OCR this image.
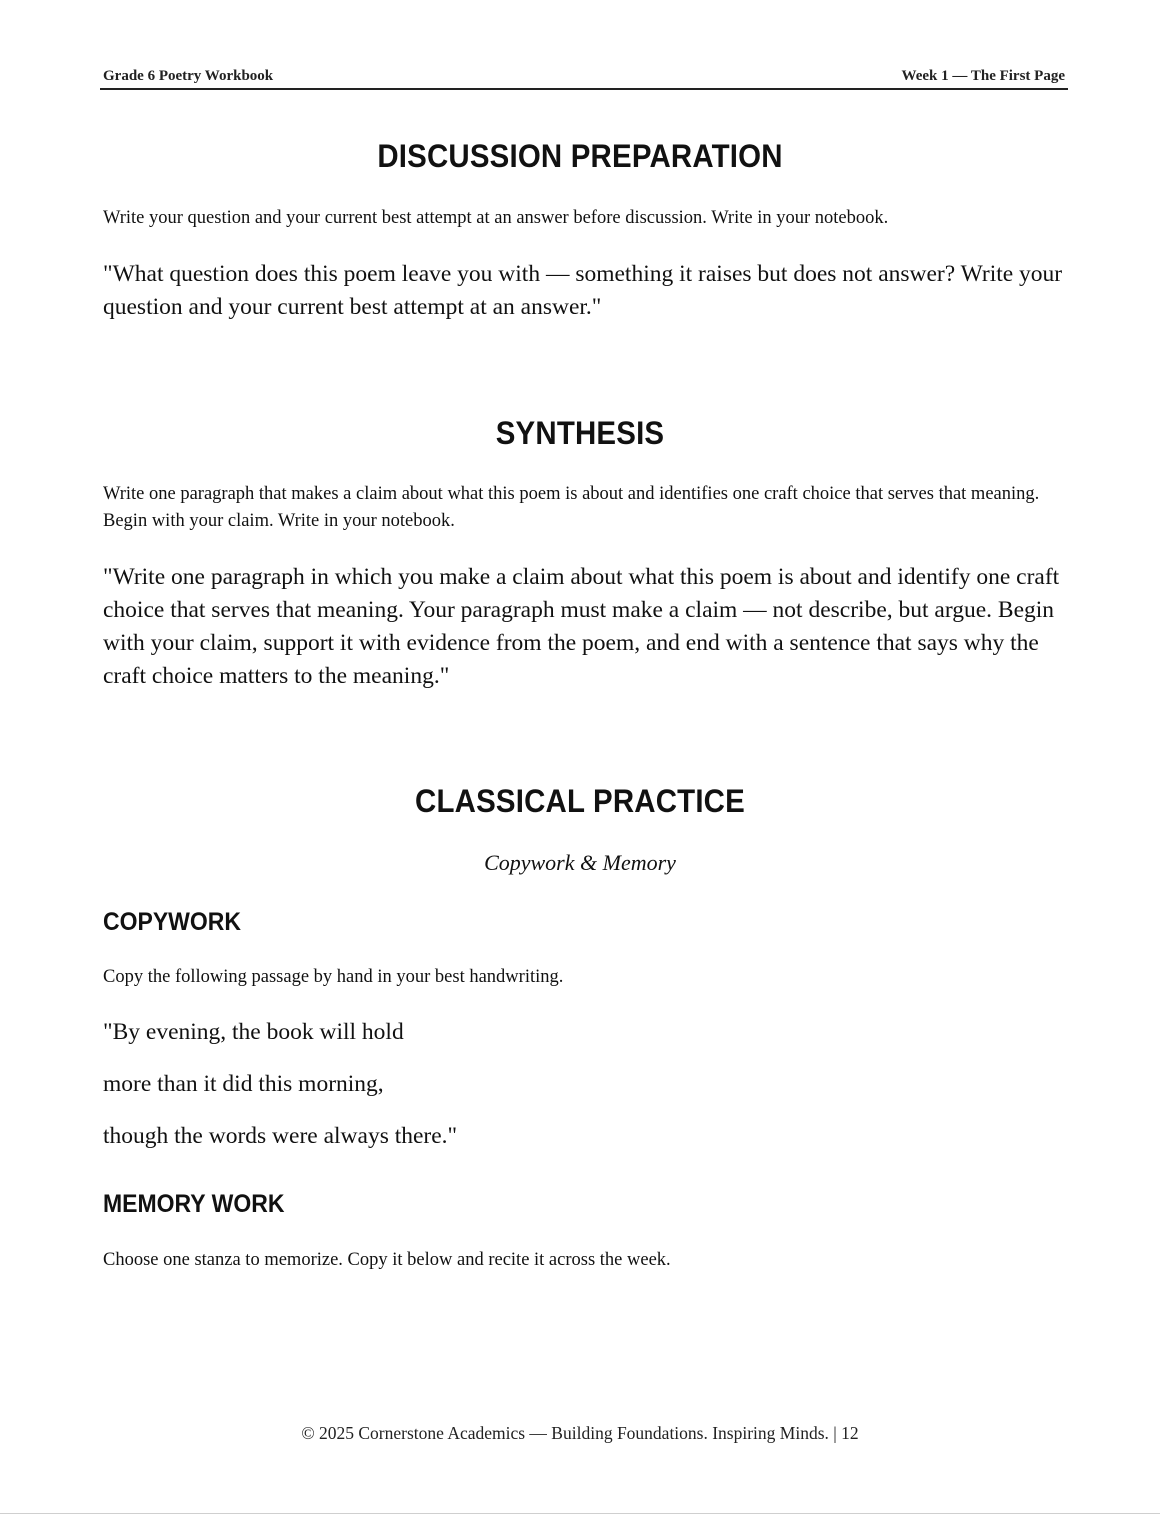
Grade 6 Poetry Workbook	Week 1 — The First Page
DISCUSSION PREPARATION

Write your question and your current best attempt at an answer before discussion. Write in your notebook.

"What question does this poem leave you with — something it raises but does not answer? Write your question and your current best attempt at an answer."

SYNTHESIS

Write one paragraph that makes a claim about what this poem is about and identifies one craft choice that serves that meaning. Begin with your claim. Write in your notebook.

"Write one paragraph in which you make a claim about what this poem is about and identify one craft choice that serves that meaning. Your paragraph must make a claim — not describe, but argue. Begin with your claim, support it with evidence from the poem, and end with a sentence that says why the craft choice matters to the meaning."

CLASSICAL PRACTICE

Copywork & Memory

COPYWORK

Copy the following passage by hand in your best handwriting.

"By evening, the book will hold

more than it did this morning,

though the words were always there."

MEMORY WORK

Choose one stanza to memorize. Copy it below and recite it across the week.

© 2025 Cornerstone Academics — Building Foundations. Inspiring Minds. | 12
